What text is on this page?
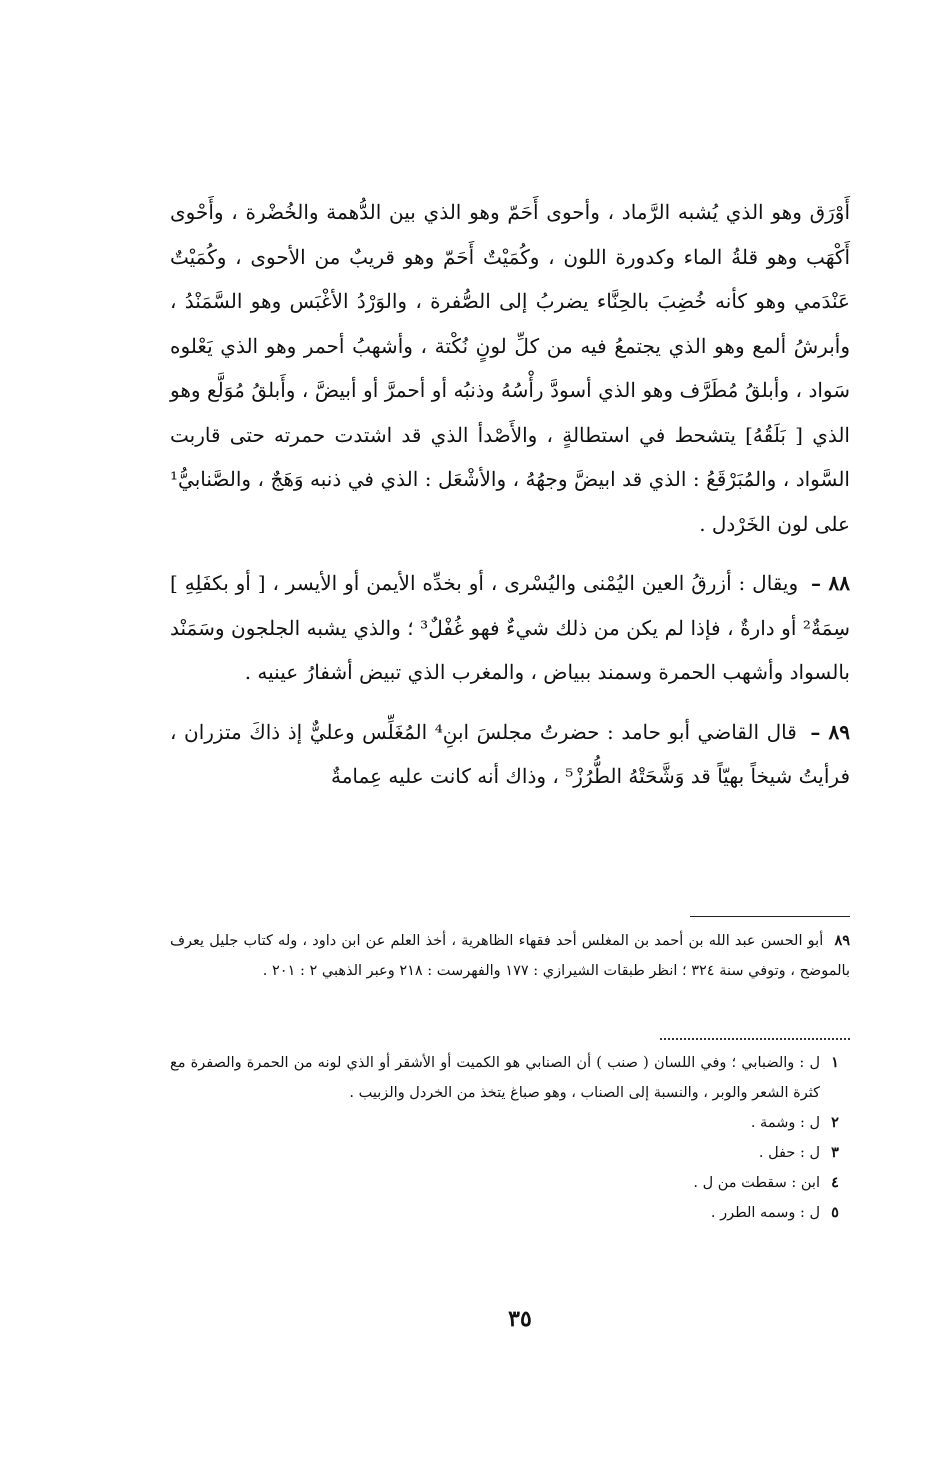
أَوْرَق وهو الذي يُشبه الرَّماد ، وأحوى أَحَمّ وهو الذي بين الدُّهمة والخُضْرة ، وأَحْوى أَكْهَب وهو قلةُ الماء وكدورة اللون ، وكُمَيْتٌ أَحَمّ وهو قريبٌ من الأحوى ، وكُمَيْتٌ عَنْدَمي وهو كأنه خُضِبَ بالحِنَّاء يضربُ إلى الصُّفرة ، والوَرْدُ الأغْبَس وهو السَّمَنْدُ ، وأبرشُ ألمع وهو الذي يجتمعُ فيه من كلِّ لونٍ نُكْتة ، وأشهبُ أحمر وهو الذي يَعْلوه سَواد ، وأبلقُ مُطَرَّف وهو الذي أسودَّ رأْسُهُ وذنبُه أو أحمرَّ أو أبيضَّ ، وأَبلقُ مُوَلَّع وهو الذي [ بَلَقُهُ] يتشحط في استطالةٍ ، والأَصْدأ الذي قد اشتدت حمرته حتى قاربت السَّواد ، والمُبَرْقَعُ : الذي قد ابيضَّ وجهُهُ ، والأشْعَل : الذي في ذنبه وَهَجٌ ، والصَّنابيُّ¹ على لون الخَرْدل .

٨٨ – ويقال : أزرقُ العين اليُمْنى واليُسْرى ، أو بخدِّه الأيمن أو الأيسر ، [ أو بكفَلِهِ ] سِمَةٌ² أو دارةٌ ، فإذا لم يكن من ذلك شيءٌ فهو غُفْلٌ³ ؛ والذي يشبه الجلجون وسَمَنْد بالسواد وأشهب الحمرة وسمند ببياض ، والمغرب الذي تبيض أشفارُ عينيه .

٨٩ – قال القاضي أبو حامد : حضرتُ مجلسَ ابنِ⁴ المُغَلِّس وعليٌّ إذ ذاكَ متزران ، فرأيتُ شيخاً بهيّاً قد وَشَّحَتْهُ الطُّرُزْ⁵ ، وذاك أنه كانت عليه عِمامةٌ

٨٩ أبو الحسن عبد الله بن أحمد بن المغلس أحد فقهاء الظاهرية ، أخذ العلم عن ابن داود ، وله كتاب جليل يعرف بالموضح ، وتوفي سنة ٣٢٤ ؛ انظر طبقات الشيرازي : ١٧٧ والفهرست : ٢١٨ وعبر الذهبي ٢ : ٢٠١ .

١
ل : والضبابي ؛ وفي اللسان ( صنب ) أن الصنابي هو الكميت أو الأشقر أو الذي لونه من الحمرة والصفرة مع كثرة الشعر والوبر ، والنسبة إلى الصناب ، وهو صباغ يتخذ من الخردل والزبيب .
٢
ل : وشمة .
٣
ل : حفل .
٤
ابن : سقطت من ل .
٥
ل : وسمه الطرر .
٣٥
